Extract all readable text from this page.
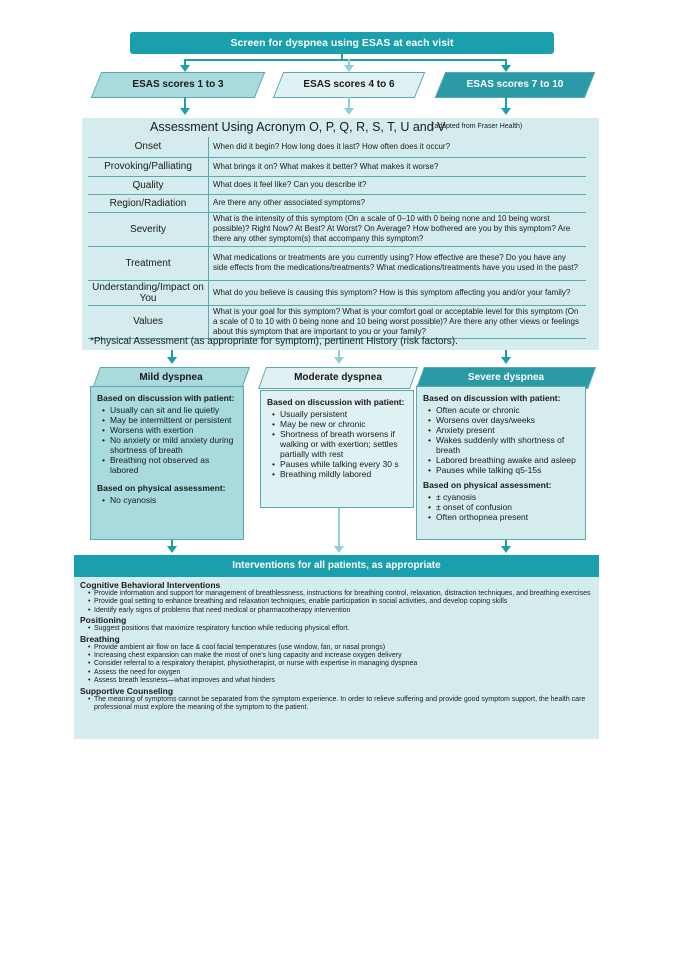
Screen for dyspnea using ESAS at each visit
ESAS scores 1 to 3	ESAS scores 4 to 6	ESAS scores 7 to 10
Assessment Using Acronym O, P, Q, R, S, T, U and V
(adapted from Fraser Health)
Onset	When did it begin? How long does it last? How often does it occur?
Provoking/Palliating	What brings it on? What makes it better? What makes it worse?
Quality	What does it feel like? Can you describe it?
Region/Radiation	Are there any other associated symptoms?
Severity	What is the intensity of this symptom (On a scale of 0–10 with 0 being none and 10 being worst possible)? Right Now? At Best? At Worst? On Average? How bothered are you by this symptom? Are there any other symptom(s) that accompany this symptom?
Treatment	What medications or treatments are you currently using? How effective are these? Do you have any side effects from the medications/treatments? What medications/treatments have you used in the past?
Understanding/Impact on You	What do you believe is causing this symptom? How is this symptom affecting you and/or your family?
Values	What is your goal for this symptom? What is your comfort goal or acceptable level for this symptom (On a scale of 0 to 10 with 0 being none and 10 being worst possible)? Are there any other views or feelings about this symptom that are important to you or your family?
*Physical Assessment (as appropriate for symptom), pertinent History (risk factors).
Mild dyspnea	Moderate dyspnea	Severe dyspnea
Based on discussion with patient:
• Usually can sit and lie quietly
• May be intermittent or persistent
• Worsens with exertion
• No anxiety or mild anxiety during shortness of breath
• Breathing not observed as labored
Based on physical assessment:
• No cyanosis
Based on discussion with patient:
• Usually persistent
• May be new or chronic
• Shortness of breath worsens if walking or with exertion; settles partially with rest
• Pauses while talking every 30 s
• Breathing mildly labored
Based on discussion with patient:
• Often acute or chronic
• Worsens over days/weeks
• Anxiety present
• Wakes suddenly with shortness of breath
• Labored breathing awake and asleep
• Pauses while talking q5-15s
Based on physical assessment:
• ± cyanosis
• ± onset of confusion
• Often orthopnea present
Interventions for all patients, as appropriate
Cognitive Behavioral Interventions
• Provide information and support for management of breathlessness, instructions for breathing control, relaxation, distraction techniques, and breathing exercises
• Provide goal setting to enhance breathing and relaxation techniques, enable participation in social activities, and develop coping skills
• Identify early signs of problems that need medical or pharmacotherapy intervention
Positioning
• Suggest positions that maximize respiratory function while reducing physical effort.
Breathing
• Provide ambient air flow on face & cool facial temperatures (use window, fan, or nasal prongs)
• Increasing chest expansion can make the most of one's lung capacity and increase oxygen delivery
• Consider referral to a respiratory therapist, physiotherapist, or nurse with expertise in managing dyspnea
• Assess the need for oxygen
• Assess breath lessness—what improves and what hinders
Supportive Counseling
• The meaning of symptoms cannot be separated from the symptom experience. In order to relieve suffering and provide good symptom support, the health care professional must explore the meaning of the symptom to the patient.
